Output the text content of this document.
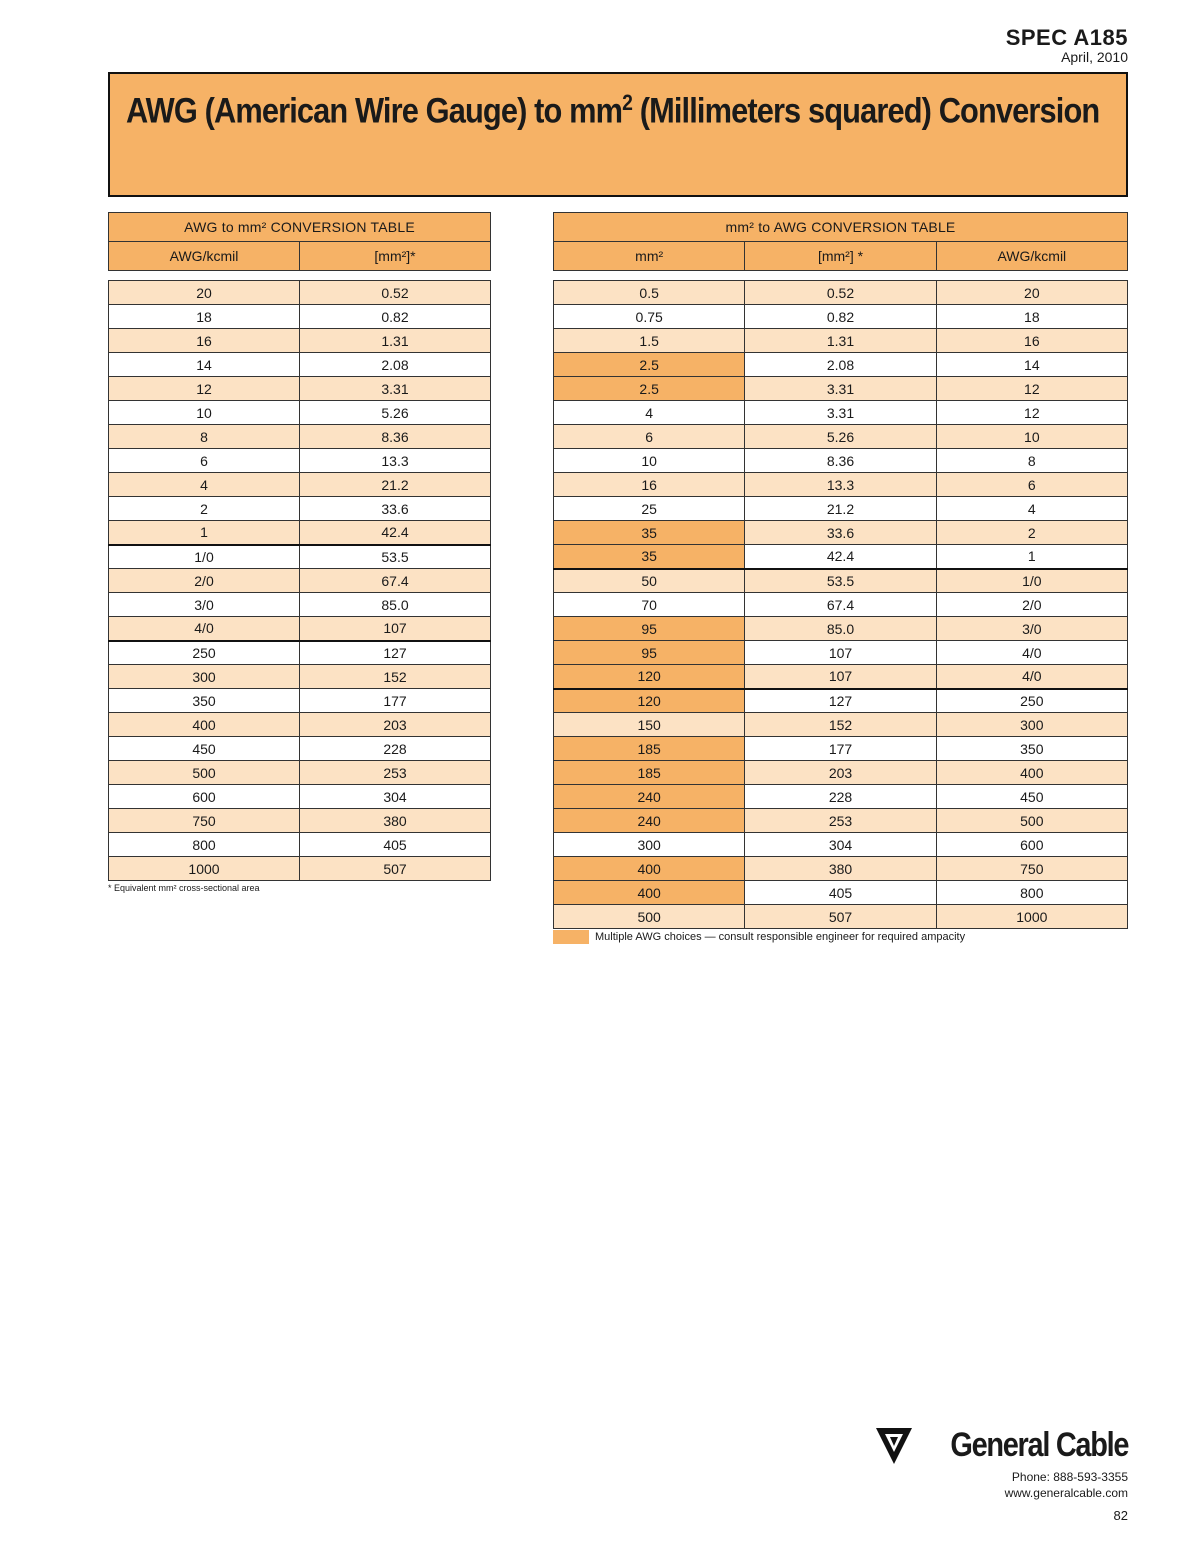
SPEC A185
April, 2010
AWG (American Wire Gauge) to $mm^2$ (Millimeters squared) Conversion
AWG to mm² CONVERSION TABLE
AWG/kcmil	[mm²]*
20	0.52
18	0.82
16	1.31
14	2.08
12	3.31
10	5.26
8	8.36
6	13.3
4	21.2
2	33.6
1	42.4
1/0	53.5
2/0	67.4
3/0	85.0
4/0	107
250	127
300	152
350	177
400	203
450	228
500	253
600	304
750	380
800	405
1000	507
mm² to AWG CONVERSION TABLE
mm²	[mm²] *	AWG/kcmil
0.5	0.52	20
0.75	0.82	18
1.5	1.31	16
2.5	2.08	14
2.5	3.31	12
4	3.31	12
6	5.26	10
10	8.36	8
16	13.3	6
25	21.2	4
35	33.6	2
35	42.4	1
50	53.5	1/0
70	67.4	2/0
95	85.0	3/0
95	107	4/0
120	107	4/0
120	127	250
150	152	300
185	177	350
185	203	400
240	228	450
240	253	500
300	304	600
400	380	750
400	405	800
500	507	1000
* Equivalent mm² cross-sectional area
Multiple AWG choices — consult responsible engineer for required ampacity
General Cable
Phone: 888-593-3355
www.generalcable.com
82
